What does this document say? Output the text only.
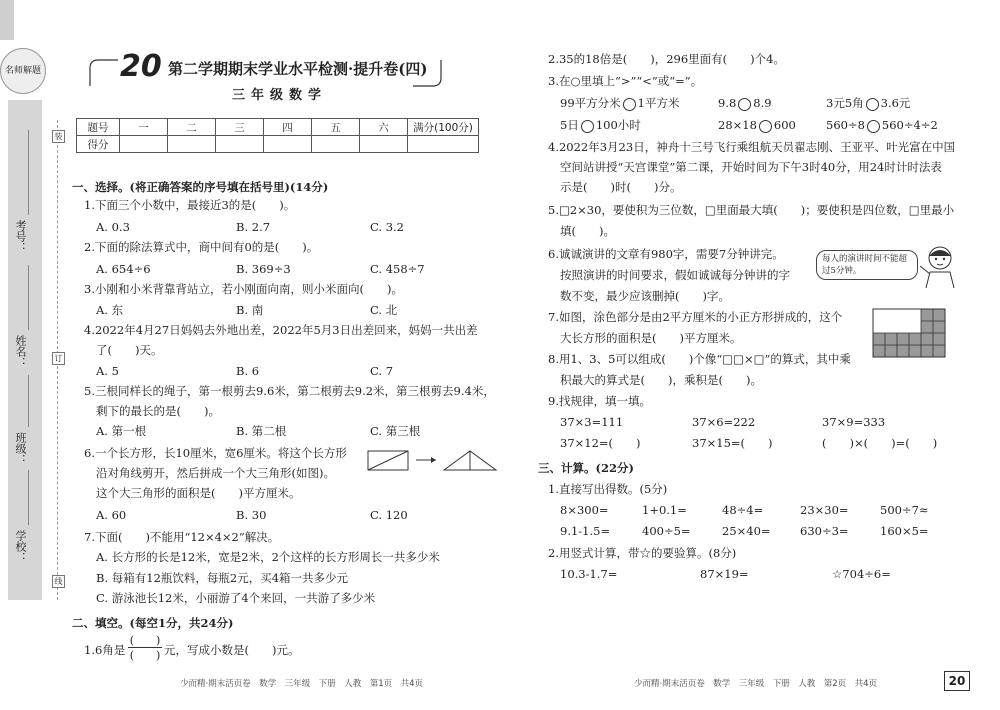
名师解题
考号：
姓名：
班级：
学校：
装
订
线
20 第二学期期末学业水平检测·提升卷(四)
三年级数学
题号	一	二	三	四	五	六	满分(100分)
得分							
一、选择。(将正确答案的序号填在括号里)(14分)
1.下面三个小数中，最接近3的是(　　)。
A. 0.3	B. 2.7	C. 3.2
2.下面的除法算式中，商中间有0的是(　　)。
A. 654÷6	B. 369÷3	C. 458÷7
3.小刚和小米背靠背站立，若小刚面向南，则小米面向(　　)。
A. 东	B. 南	C. 北
4.2022年4月27日妈妈去外地出差，2022年5月3日出差回来，妈妈一共出差
了(　　)天。
A. 5	B. 6	C. 7
5.三根同样长的绳子，第一根剪去9.6米，第二根剪去9.2米，第三根剪去9.4米，
剩下的最长的是(　　)。
A. 第一根	B. 第二根	C. 第三根
6.一个长方形，长10厘米，宽6厘米。将这个长方形
沿对角线剪开，然后拼成一个大三角形(如图)。
这个大三角形的面积是(　　)平方厘米。
A. 60	B. 30	C. 120
7.下面(　　)不能用“12×4×2”解决。
A. 长方形的长是12米，宽是2米，2个这样的长方形周长一共多少米
B. 每箱有12瓶饮料，每瓶2元，买4箱一共多少元
C. 游泳池长12米，小丽游了4个来回，一共游了多少米
二、填空。(每空1分，共24分)
1.6角是
(　　)
(　　) 元，写成小数是(　　)元。
少而精·期末活页卷　数学　三年级　下册　人教　第1页　共4页
2.35的18倍是(　　)，296里面有(　　)个4。
3.在○里填上“>”“<”或“=”。
99平方分米 1平方米	9.8 8.9	3元5角 3.6元
5日 100小时	28×18 600	560÷8 560÷4÷2
4.2022年3月23日，神舟十三号飞行乘组航天员翟志刚、王亚平、叶光富在中国
空间站讲授“天宫课堂”第二课，开始时间为下午3时40分，用24时计时法表
示是(　　)时(　　)分。
5.□2×30，要使积为三位数，□里面最大填(　　)；要使积是四位数，□里最小
填(　　)。
6.诚诚演讲的文章有980字，需要7分钟讲完。
按照演讲的时间要求，假如诚诚每分钟讲的字
数不变，最少应该删掉(　　)字。
每人的演讲时间不能超过5分钟。
7.如图，涂色部分是由2平方厘米的小正方形拼成的，这个
大长方形的面积是(　　)平方厘米。
8.用1、3、5可以组成(　　)个像“□□×□”的算式，其中乘
积最大的算式是(　　)，乘积是(　　)。
9.找规律，填一填。
37×3=111	37×6=222	37×9=333
37×12=(　　)	37×15=(　　)	(　　)×(　　)=(　　)
三、计算。(22分)
1.直接写出得数。(5分)
8×300=	1+0.1=	48÷4=	23×30=	500÷7≈
9.1-1.5=	400÷5=	25×40=	630÷3=	160×5=
2.用竖式计算，带☆的要验算。(8分)
10.3-1.7=	87×19=	☆704÷6=
少而精·期末活页卷　数学　三年级　下册　人教　第2页　共4页	20
